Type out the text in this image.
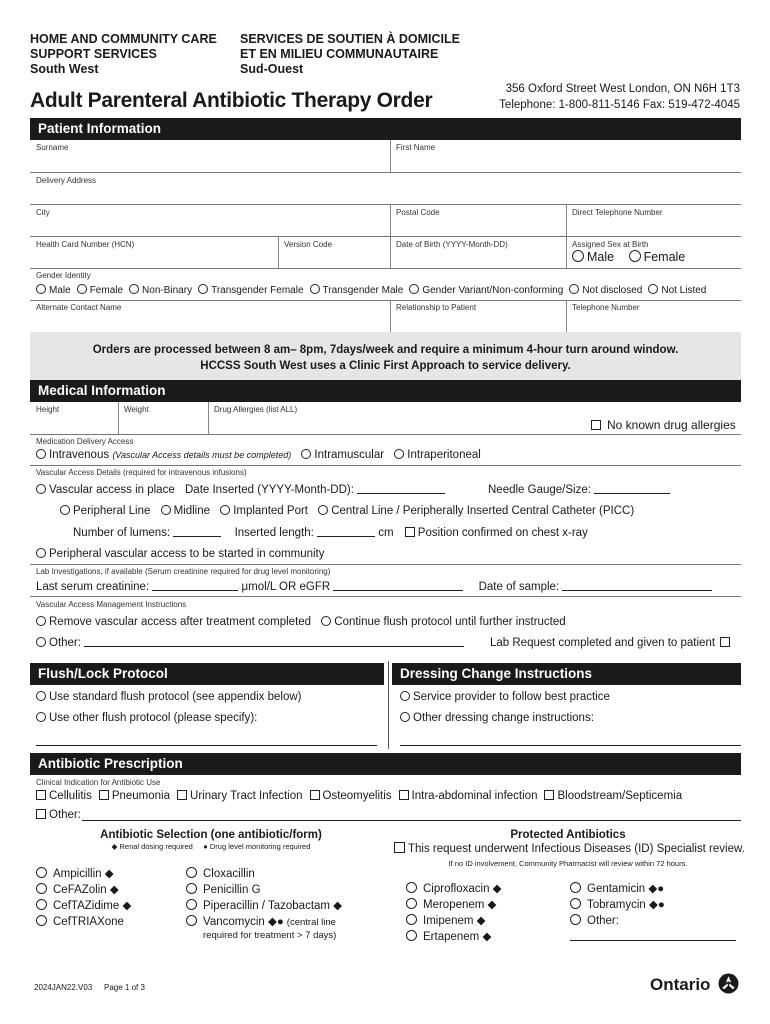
HOME AND COMMUNITY CARE
SUPPORT SERVICES
South West
SERVICES DE SOUTIEN À DOMICILE
ET EN MILIEU COMMUNAUTAIRE
Sud-Ouest
Adult Parenteral Antibiotic Therapy Order	356 Oxford Street West London, ON N6H 1T3
Telephone: 1-800-811-5146 Fax: 519-472-4045
Patient Information
Surname	First Name
Delivery Address
City	Postal Code	Direct Telephone Number
Health Card Number (HCN)	Version Code	Date of Birth (YYYY-Month-DD)	Assigned Sex at Birth
Male Female
Gender Identity
Male Female Non-Binary Transgender Female Transgender Male Gender Variant/Non-conforming Not disclosed Not Listed
Alternate Contact Name	Relationship to Patient	Telephone Number
Orders are processed between 8 am– 8pm, 7days/week and require a minimum 4-hour turn around window.
HCCSS South West uses a Clinic First Approach to service delivery.
Medical Information
Height	Weight	Drug Allergies (list ALL)
No known drug allergies
Medication Delivery Access
Intravenous (Vascular Access details must be completed) Intramuscular Intraperitoneal
Vascular Access Details (required for intravenous infusions)
Vascular access in place Date Inserted (YYYY-Month-DD):	Needle Gauge/Size:
Peripheral Line Midline Implanted Port Central Line / Peripherally Inserted Central Catheter (PICC)
Number of lumens:	Inserted length:	cm Position confirmed on chest x-ray
Peripheral vascular access to be started in community
Lab Investigations, if available (Serum creatinine required for drug level monitoring)
Last serum creatinine:	μmol/L OR eGFR	Date of sample:
Vascular Access Management Instructions
Remove vascular access after treatment completed Continue flush protocol until further instructed
Other:	Lab Request completed and given to patient
Flush/Lock Protocol	Dressing Change Instructions
Use standard flush protocol (see appendix below)
Use other flush protocol (please specify):
Service provider to follow best practice
Other dressing change instructions:
Antibiotic Prescription
Clinical Indication for Antibiotic Use
Cellulitis Pneumonia Urinary Tract Infection Osteomyelitis Intra-abdominal infection Bloodstream/Septicemia
Other:
Antibiotic Selection (one antibiotic/form)
◆ Renal dosing required ● Drug level monitoring required
Ampicillin ◆
CeFAZolin ◆
CefTAZidime ◆
CefTRIAXone
Cloxacillin
Penicillin G
Piperacillin / Tazobactam ◆
Vancomycin ◆● (central line
required for treatment > 7 days)
Protected Antibiotics
This request underwent Infectious Diseases (ID) Specialist review.
If no ID involvement, Community Pharmacist will review within 72 hours.
Ciprofloxacin ◆
Meropenem ◆
Imipenem ◆
Ertapenem ◆
Gentamicin ◆●
Tobramycin ◆●
Other:
2024JAN22.V03 Page 1 of 3	Ontario
